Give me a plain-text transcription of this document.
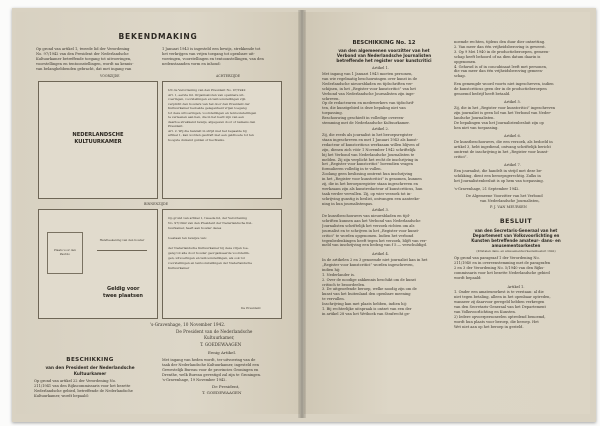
BEKENDMAKING
Op grond van artikel 1, tweede lid der Verordening
No. 97/1942 van den President der Nederlandsche
Kultuurkamer betreffende toegang tot uitvoeringen,
voorstellingen en tentoonstellingen, wordt na kennis-
van belanghebbenden gebracht, dat met ingang van
1 Januari 1943 is ingesteld een bewijs, strekkende tot
het verkrijgen van vrijen toegang tot openbare uit-
voeringen, voorstellingen en tentoonstellingen, van den
nedenstaanden vorm en inhoud:
VOORZIJDE	ACHTERZIJDE
NEDERLANDSCHE
KULTUURKAMER
Uit de Verordening van den President No. 97/1942:
Art. 1, eerste lid. Organisatoren van openbare uit-
voeringen, voorstellingen en tentoonstellingen zijn
verplicht den houders van het door den President der
Kultuurkamer bedoelde gelegenheid vrijen toegang
tot deze uitvoeringen, voorstellingen en tentoonstellingen
te verleenen aan hen, die in het bezit zijn van een
daartoe strekkend bewijs, afgegeven door of namens den
President.
Art. 2. Wij die handelt in strijd met het bepaalde bij
artikel 1, kan worden gestraft met een geldboete tot ten
hoogste duizend gulden of hechtenis.
BINNENZIJDE
Plaats voor den Pasfoto
Handteekening van den houder
Geldig voor
twee plaatsen
Op grond van artikel 1, tweede lid, der Verordening
No. 97/1942 van den President der Nederlandsche Kul-
tuurkamer, heeft aan houder dezes

toestaan ten bewijze van:

der Nederlandsche Kultuurkamer bij deze vrijen toe-
gang tot alle door houder georganiseerde voorstellin-
gen, uitvoeringen en tentoonstellingen, als ook tot
voorstellingen en tentoonstellingen der Nederlandsche
Kultuurkamer
De President
's-Gravenhage, 10 November 1942.
De President van de Nederlandsche
Kultuurkamer,
T. GOEDEWAAGEN
BESCHIKKING
van den President der Nederlandsche
Kultuurkamer
Op grond van artikel 22 der Verordening No.
211/1941 van den Rijkscommissaris voor het bezette
Nederlandsche gebied, betreffende de Nederlandsche
Kultuurkamer, wordt bepaald:
Eenig Artikel.
Met ingang van heden wordt, ter uitvoering van de
taak der Nederlandsche Kultuurkamer, ingesteld een
Gewestelijk Bureau voor de provincies Groningen en
Drenthe, welk Bureau gevestigd zal zijn te Groningen.
's-Gravenhage, 19 November 1942.
De President,
T. GOEDEWAAGEN
BESCHIKKING No. 12
van den algemeenen voorzitter van het
Verbond van Nederlandsche Journalisten
betreffende het register voor kunstcritici
Artikel 1.
Met ingang van 1 Januari 1943 moeten personen,
van wie regelmatig beschouwingen over kunst in de
Nederlandsche nieuwsbladen en tijdschriften ver-
schijnen, in het „Register voor kunstcritici” van het
Verbond van Nederlandsche Journalisten zijn inge-
schreven.
Op de redacteuren en medewerkers van tijdschrif-
ten, die kunstgebied is deze bepaling niet van
toepassing.
Beschouwing geschiedt in volledige overeen-
stemming met de Nederlandsche Kultuurkamer.
Artikel 2.
Zij, die reeds als journalist in het beroepsregister
staan ingeschreven en met 1 Januari 1943 als kunst-
redacteur of kunstcriticus werkzaam willen blijven of
zijn, dienen zich vóór 1 November 1942 schriftelijk
bij het Verbond van Nederlandsche Journalisten te
melden. Zij zijn verplicht het recht de inschrijving in
het „Register voor kunstcritici” bovendien vragen
formulieren volledig in te vullen.
Zoolang geen beslissing omtrent hun inschrijving
in het „Register voor kunstcritici” is genomen, kunnen
zij, die in het beroepsregister staan ingeschreven en
werkzaam zijn als kunstredacteur of kunstcriticus, hun
taak verder vervullen. Zij, op wier verzoek tot in-
schrijving gunstig is beslist, ontvangen een aanteeke-
ning in hun journalistenpas.
Artikel 3.
De kunstbeschouwers van nieuwsbladen en tijd-
schriften kunnen aan het Verbond van Nederlandsche
Journalisten schriftelijk het verzoek richten om als
journalist en te schrijven in het „Register voor kunst-
critici” te worden opgenomen. Indien het verbond
tegenbedenkingen heeft tegen het verzoek, blijft van ver-
meld van inschrijving een bedrag van f 5.— verschuldigd.
Artikel 4.
In de artikelen 2 en 3 genoemde niet journalist kan in het
„Register voor kunstcritici” worden ingeschreven,
indien hij:
1. Nederlander is.
2. Over de noodige zakkennis beschikt om de kunst
critisch te beoordeelen.
3. De uitgeoefende beroep, welke noodig zijn om de
kunst van het buitenland den openbare meening
te vervullen.
Inschrijving kan met plaats hebben, indien hij:
1. Bij rechterlijke uitspraak is ontzet van een der
in artikel 28 van het Wetboek van Strafrecht ge-
noemde rechten, tijdens den duur dier ontzetting.
2. Van meer dan één vrijheidsberoving is geweest.
3. Op 9 Mei 1940 in de productieberoepen, gemeen-
schap heeft behoord of na dien datum daarin is
opgenomen.
4. Gehuwd is of in concubinaat leeft met personen,
die van meer dan één vrijheidsberoving gemeen-
schap.
Een gemengde woord voorts niet ingeschreven, indien
de kunstcriticus geen der in de productieberoepen
genoemd bedrijf heeft betaald.
Artikel 5.
Zij, die in het „Register voor kunstcritici” ingeschreven
zijn journalist is geen lid van het Verbond van Neder-
landsche Journalisten.
De bepalingen van het Journalistenbesluit zijn op
hen niet van toepassing.
Artikel 6.
De kunstbeschouwers, die een verzoek, als bedoeld in
artikel 3, hebt ingediend, ontvang schriftelijk bericht
omtrent de inschrijving in het „Register voor kunst-
critici”.
Artikel 7.
Een journalist, die handelt in strijd met deze be-
schikking, dient een beroepsgerechtig. Zulks in
het Journalistenbesluit is op hem van toepassing.
's-Gravenhage, 21 September 1942.
De Algemeene Voorzitter van het Verbond
van Nederlandsche Journalisten,
P. J. VAN MEURSEN
BESLUIT
van den Secretaris-Generaal van het
Departement van Volksvoorlichting en
Kunsten betreffende amateur- dans- en
amusementsorkesten
(Kristalen dans- en amusementsorkestenbesluit 1942)
Op grond van paragraaf 1 der Verordening No.
211/1940 en in overeenstemming met de paragrafen
2 en 3 der Verordening No. 5/1940 van den Rijks-
commissaris voor het bezette Nederlandsche gebied
wordt bepaald:

Artikel 1.
1. Onder een amateurorkest is te verstaan: al die
niet tegen betaling, alleen in het openbaar optreden,
wanneer zij daarvoor geregeld hebben verkregen
van den Secretaris-Generaal van het Departement
van Volksvoorlichting en Kunsten.
2) Iedere opvoerpersoneelen optredend benoemd,
wordt hun plaats voor beroep, die beroep. Het
Wet niet aan op het beroep in gesteld.
